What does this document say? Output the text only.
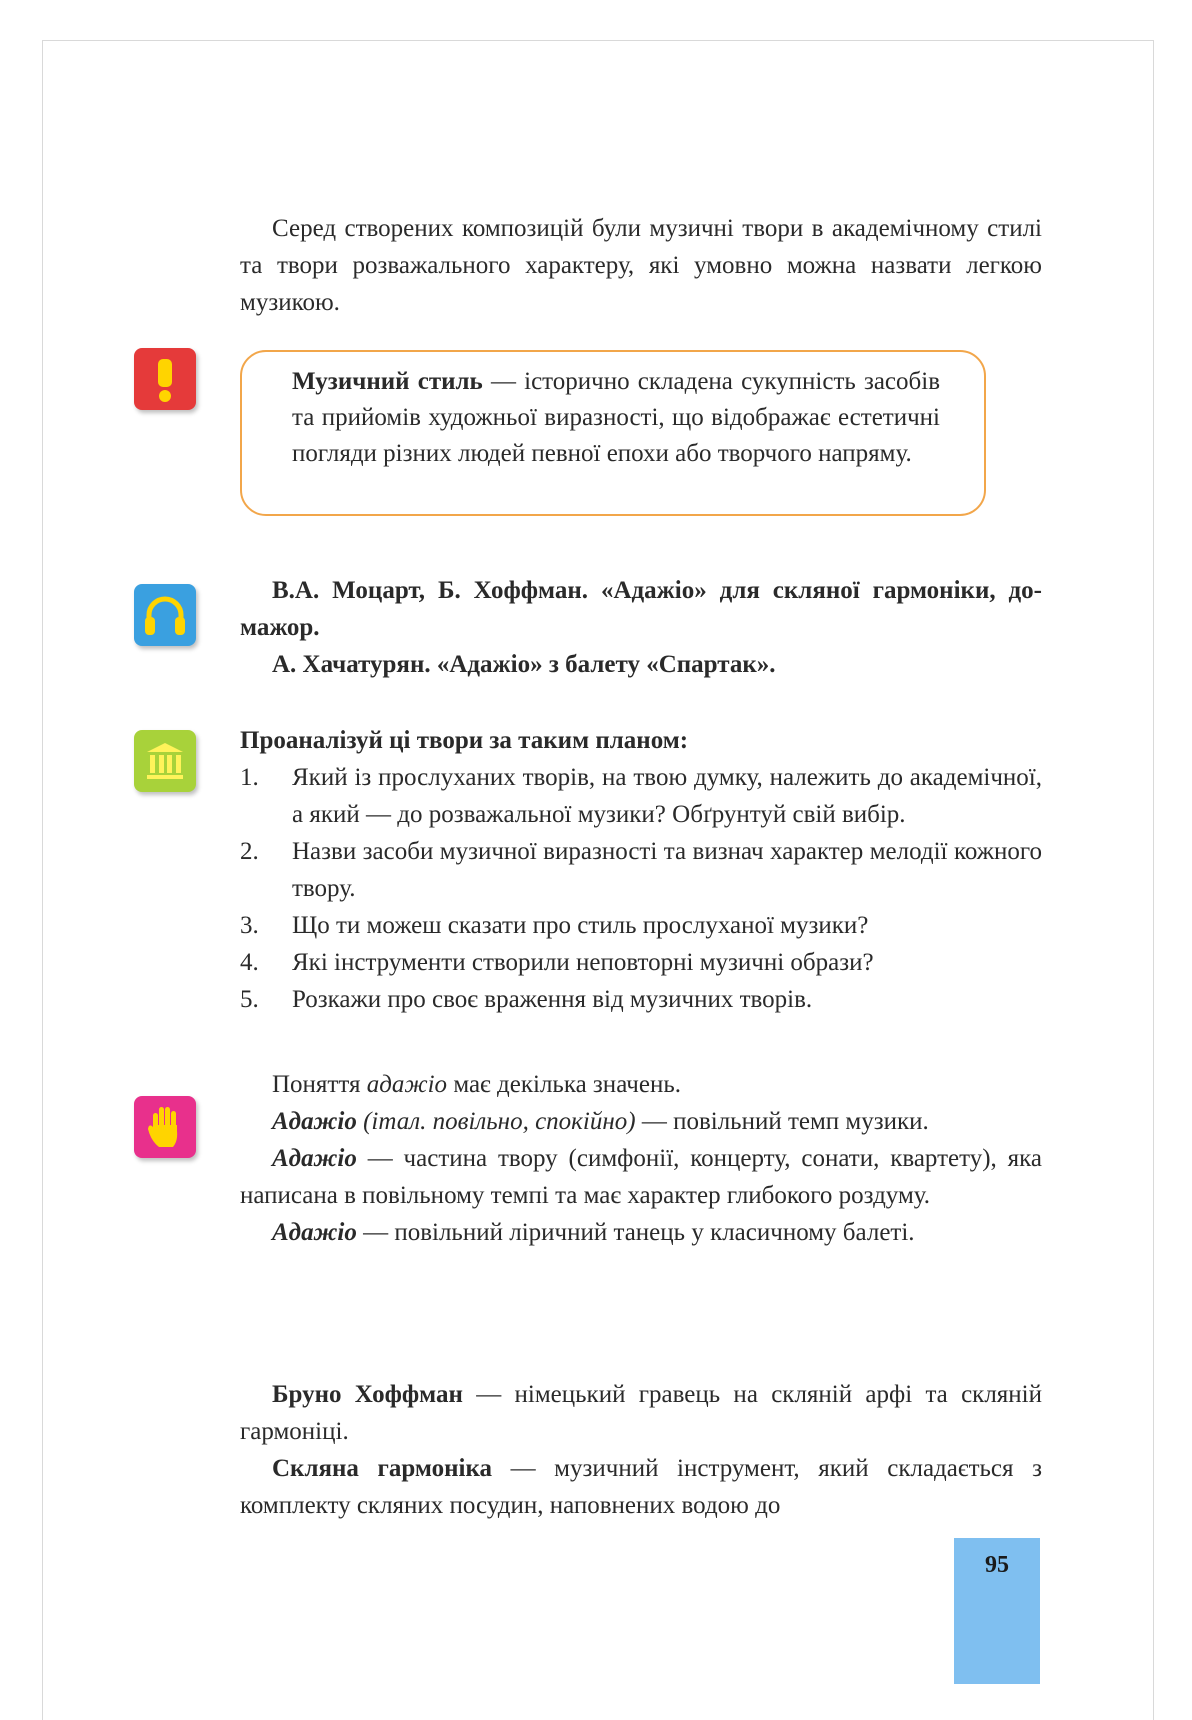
Серед створених композицій були музичні твори в академічному стилі та твори розважального характеру, які умовно можна назвати легкою музикою.

Музичний стиль — історично складена сукупність засобів та прийомів художньої виразності, що відображає естетичні погляди різних людей певної епохи або творчого напряму.

В.А. Моцарт, Б. Хоффман. «Адажіо» для скляної гармоніки, до-мажор.

А. Хачатурян. «Адажіо» з балету «Спартак».

Проаналізуй ці твори за таким планом:

1.	Який із прослуханих творів, на твою думку, належить до академічної, а який — до розважальної музики? Обґрунтуй свій вибір.
2.	Назви засоби музичної виразності та визнач характер мелодії кожного твору.
3.	Що ти можеш сказати про стиль прослуханої музики?
4.	Які інструменти створили неповторні музичні образи?
5.	Розкажи про своє враження від музичних творів.

Поняття адажіо має декілька значень.

Адажіо (італ. повільно, спокійно) — повільний темп музики.

Адажіо — частина твору (симфонії, концерту, сонати, квартету), яка написана в повільному темпі та має характер глибокого роздуму.

Адажіо — повільний ліричний танець у класичному балеті.

Бруно Хоффман — німецький гравець на скляній арфі та скляній гармоніці.

Скляна гармоніка — музичний інструмент, який складається з комплекту скляних посудин, наповнених водою до

95
